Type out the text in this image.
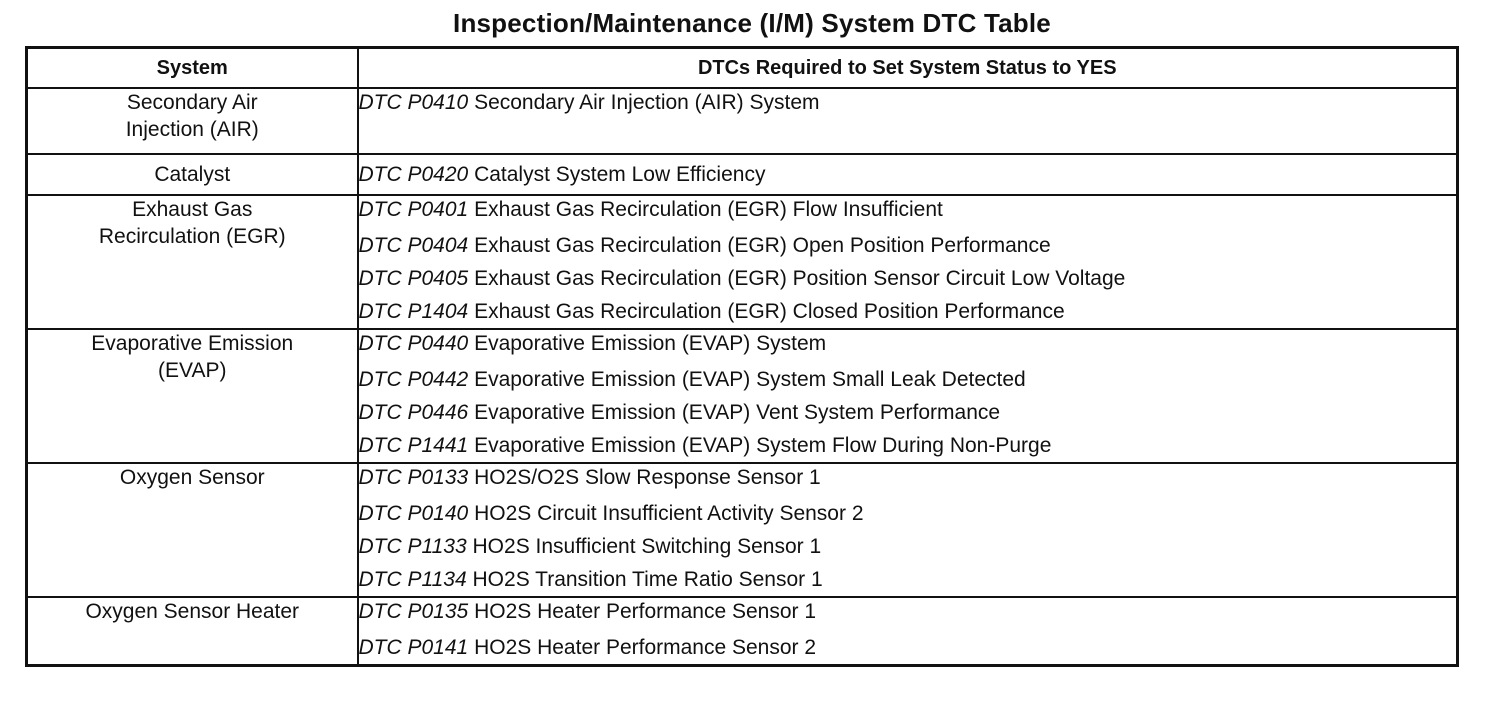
Inspection/Maintenance (I/M) System DTC Table
System	DTCs Required to Set System Status to YES
Secondary Air Injection (AIR)	DTC P0410 Secondary Air Injection (AIR) System

Catalyst	DTC P0420 Catalyst System Low Efficiency

Exhaust Gas Recirculation (EGR)	DTC P0401 Exhaust Gas Recirculation (EGR) Flow Insufficient
DTC P0404 Exhaust Gas Recirculation (EGR) Open Position Performance
DTC P0405 Exhaust Gas Recirculation (EGR) Position Sensor Circuit Low Voltage
DTC P1404 Exhaust Gas Recirculation (EGR) Closed Position Performance

Evaporative Emission (EVAP)	DTC P0440 Evaporative Emission (EVAP) System
DTC P0442 Evaporative Emission (EVAP) System Small Leak Detected
DTC P0446 Evaporative Emission (EVAP) Vent System Performance
DTC P1441 Evaporative Emission (EVAP) System Flow During Non-Purge

Oxygen Sensor	DTC P0133 HO2S/O2S Slow Response Sensor 1
DTC P0140 HO2S Circuit Insufficient Activity Sensor 2
DTC P1133 HO2S Insufficient Switching Sensor 1
DTC P1134 HO2S Transition Time Ratio Sensor 1

Oxygen Sensor Heater	DTC P0135 HO2S Heater Performance Sensor 1
DTC P0141 HO2S Heater Performance Sensor 2
